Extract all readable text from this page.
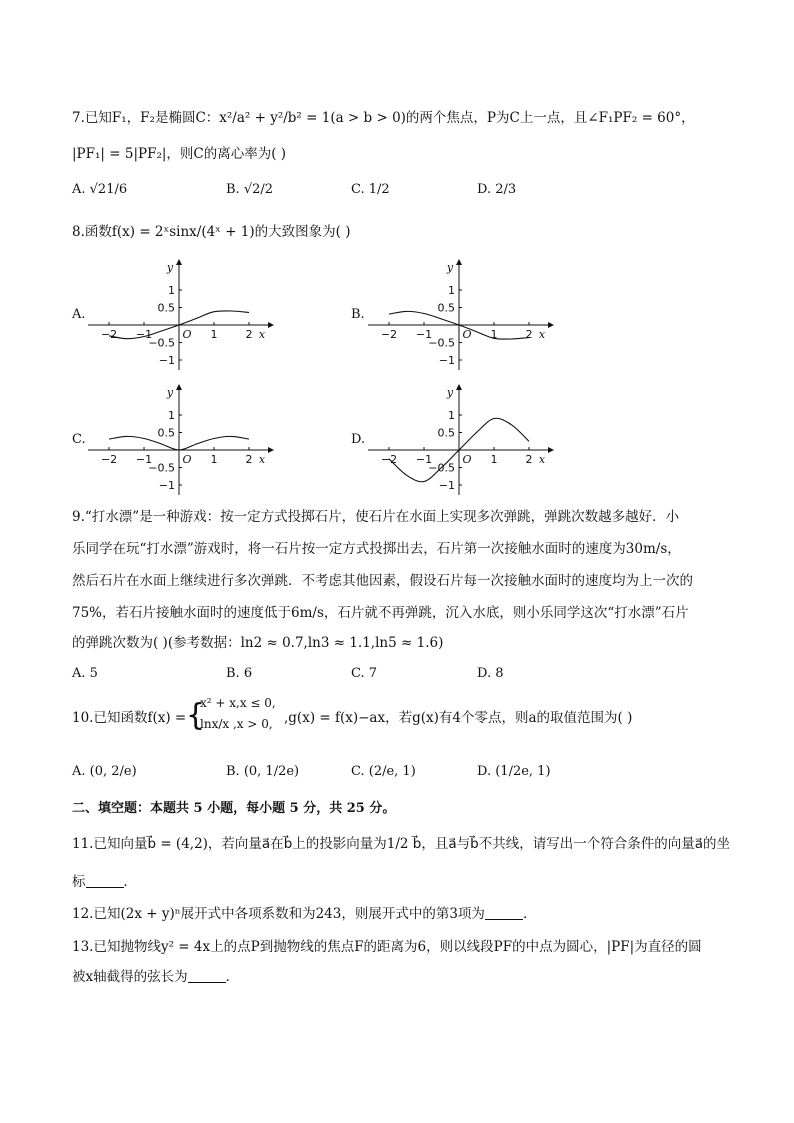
7.已知F₁，F₂是椭圆C：x²/a² + y²/b² = 1(a > b > 0)的两个焦点，P为C上一点，且∠F₁PF₂ = 60°，
|PF₁| = 5|PF₂|，则C的离心率为( )
A. √21/6	B. √2/2	C. 1/2	D. 2/3
8.函数f(x) = 2ˣsinx/(4ˣ + 1)的大致图象为( )
A.	B.
C.	D.
−2 −1	1	2
1
0.5
−0.5
−1
O	x
y
−2 −1	1	2
1
0.5
−0.5
−1
O	x
y
−2 −1	1	2
1
0.5
−0.5
−1
O	x
y
−2 −1	1	2
1
0.5
−0.5
−1
O	x
y
9.“打水漂”是一种游戏：按一定方式投掷石片，使石片在水面上实现多次弹跳，弹跳次数越多越好．小
乐同学在玩“打水漂”游戏时，将一石片按一定方式投掷出去，石片第一次接触水面时的速度为30m/s，
然后石片在水面上继续进行多次弹跳．不考虑其他因素，假设石片每一次接触水面时的速度均为上一次的
75%，若石片接触水面时的速度低于6m/s，石片就不再弹跳，沉入水底，则小乐同学这次“打水漂”石片
的弹跳次数为( )(参考数据：ln2 ≈ 0.7,ln3 ≈ 1.1,ln5 ≈ 1.6)
A. 5	B. 6	C. 7	D. 8
10.已知函数f(x) = {
x² + x,x ≤ 0,
lnx/x ,x > 0, ,g(x) = f(x)−ax，若g(x)有4个零点，则a的取值范围为( )
A. (0, 2/e)	B. (0, 1/2e)	C. (2/e, 1)	D. (1/2e, 1)
二、填空题：本题共 5 小题，每小题 5 分，共 25 分。
11.已知向量b⃗ = (4,2)，若向量a⃗在b⃗上的投影向量为1/2 b⃗，且a⃗与b⃗不共线，请写出一个符合条件的向量a⃗的坐
标	．
12.已知(2x + y)ⁿ展开式中各项系数和为243，则展开式中的第3项为	．
13.已知抛物线y² = 4x上的点P到抛物线的焦点F的距离为6，则以线段PF的中点为圆心，|PF|为直径的圆
被x轴截得的弦长为	．
